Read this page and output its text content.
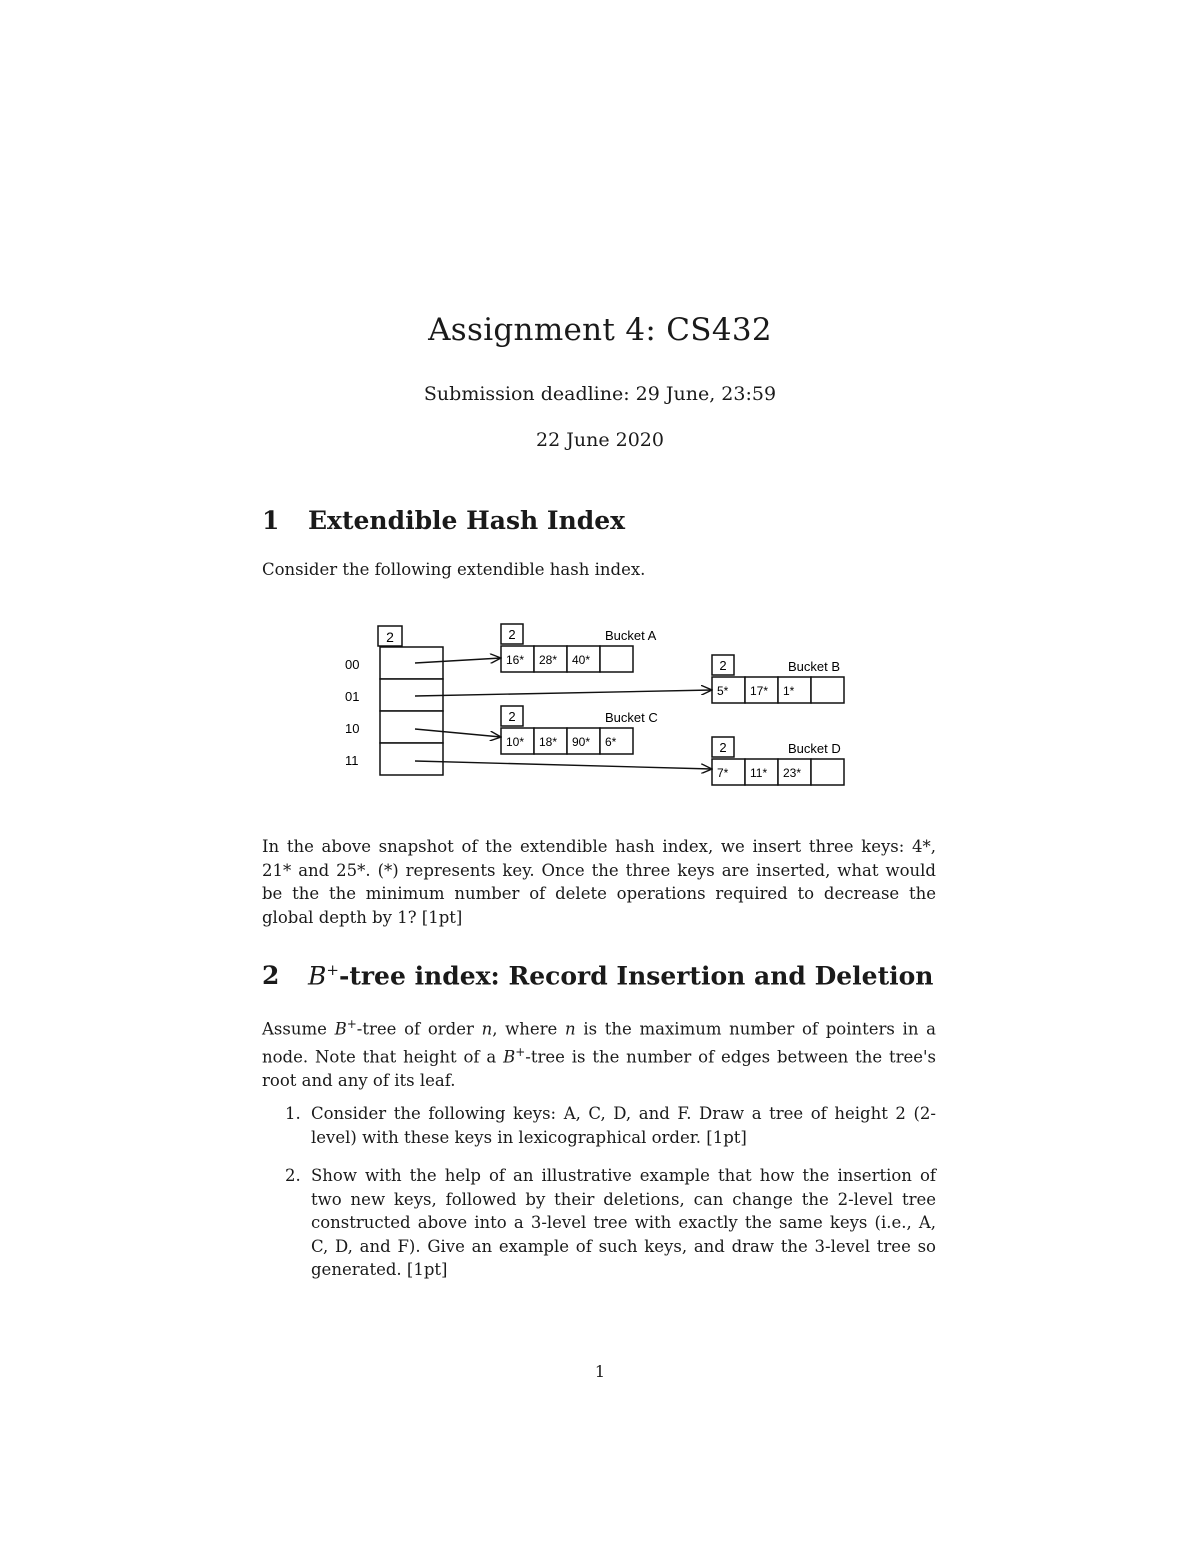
Assignment 4: CS432
Submission deadline: 29 June, 23:59
22 June 2020
1 Extendible Hash Index
Consider the following extendible hash index.
2
00
01
10
11
2	Bucket A
16* 28* 40*	2	Bucket B
5* 17* 1*
2	Bucket C
10* 18* 90* 6*	2	Bucket D
7* 11* 23*
In the above snapshot of the extendible hash index, we insert three keys: 4*, 21* and 25*. (*) represents key. Once the three keys are inserted, what would be the the minimum number of delete operations required to decrease the global depth by 1? [1pt]
2 B+-tree index: Record Insertion and Deletion
Assume B+-tree of order n, where n is the maximum number of pointers in a node. Note that height of a B+-tree is the number of edges between the tree's root and any of its leaf.
1. Consider the following keys: A, C, D, and F. Draw a tree of height 2 (2-level) with these keys in lexicographical order. [1pt]
2. Show with the help of an illustrative example that how the insertion of two new keys, followed by their deletions, can change the 2-level tree constructed above into a 3-level tree with exactly the same keys (i.e., A, C, D, and F). Give an example of such keys, and draw the 3-level tree so generated. [1pt]
1
